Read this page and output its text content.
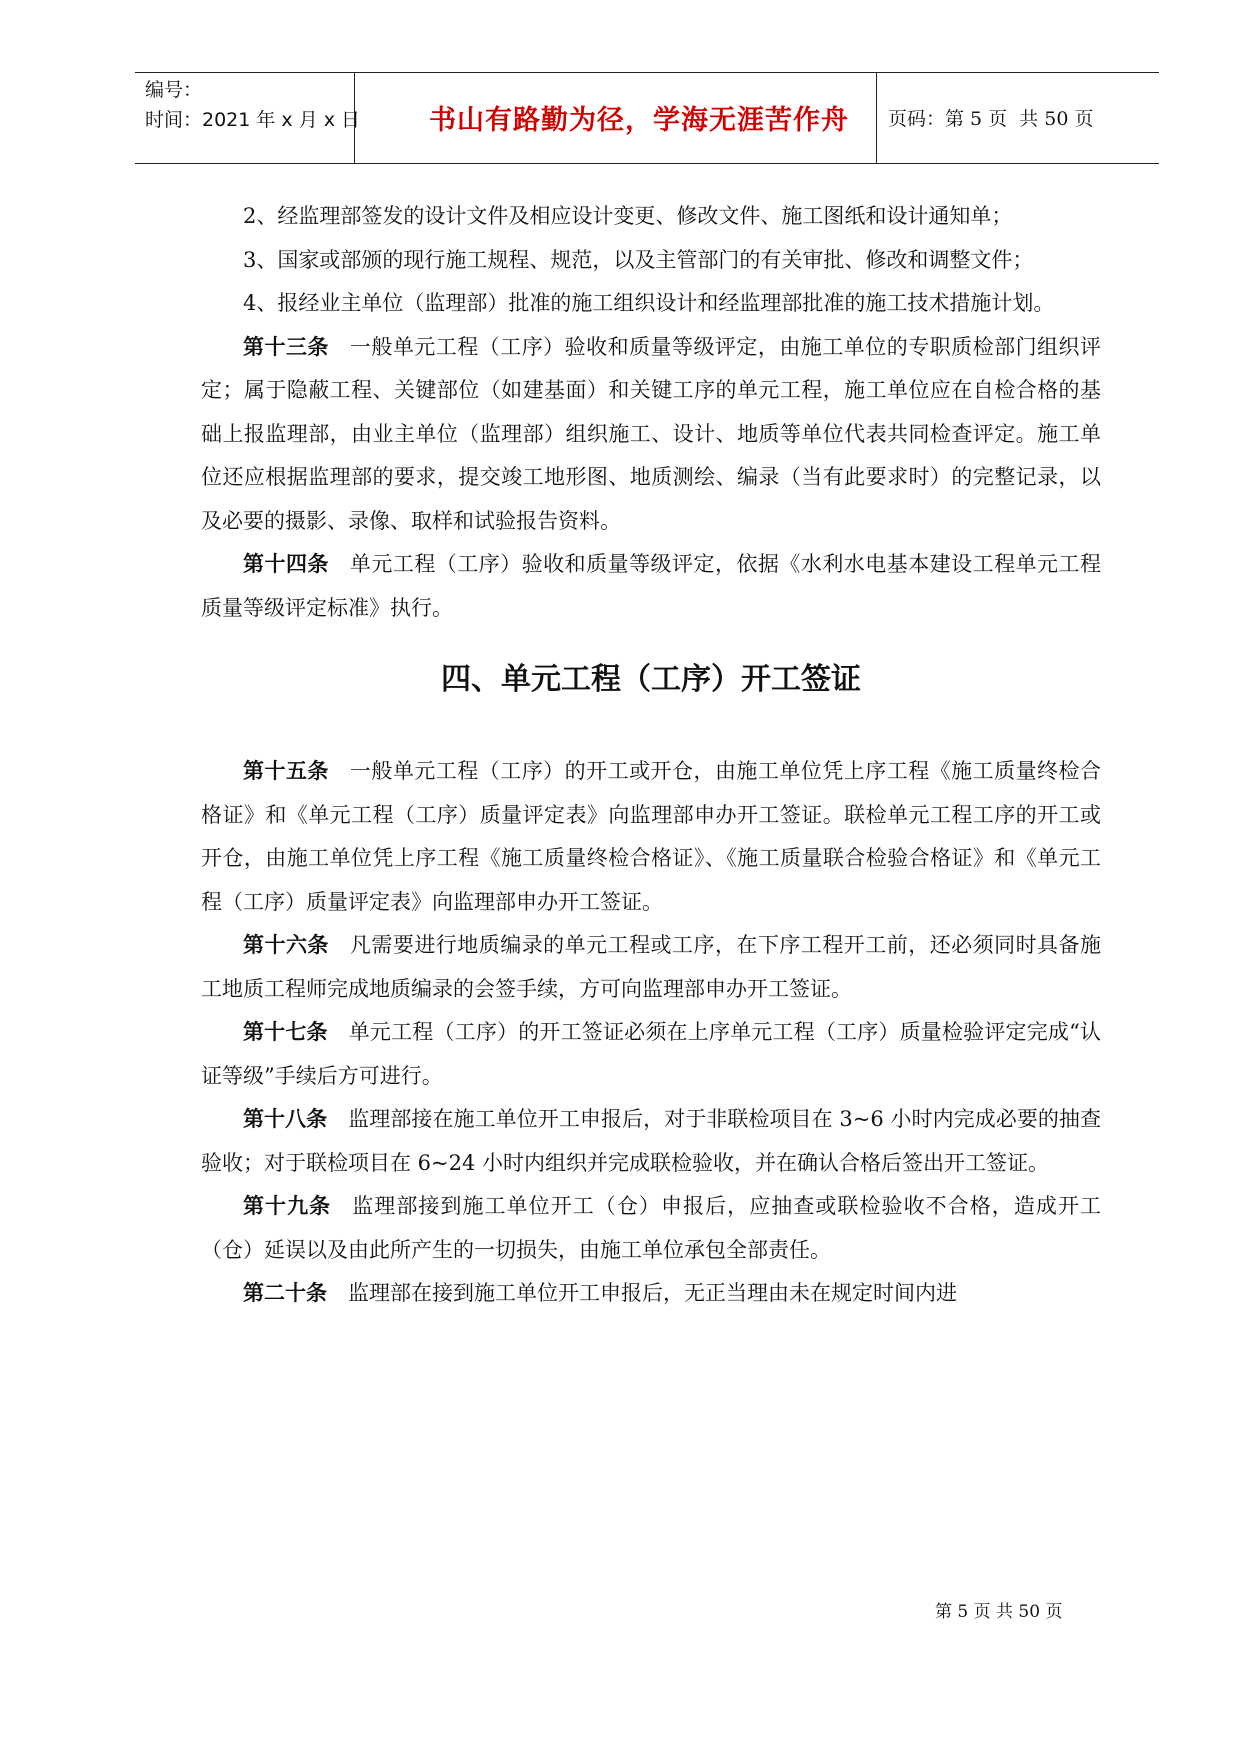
编号：
时间：2021 年 x 月 x 日	书山有路勤为径，学海无涯苦作舟	页码：第 5 页  共 50 页

2、经监理部签发的设计文件及相应设计变更、修改文件、施工图纸和设计通知单；

3、国家或部颁的现行施工规程、规范，以及主管部门的有关审批、修改和调整文件；

4、报经业主单位（监理部）批准的施工组织设计和经监理部批准的施工技术措施计划。

第十三条 一般单元工程（工序）验收和质量等级评定，由施工单位的专职质检部门组织评定；属于隐蔽工程、关键部位（如建基面）和关键工序的单元工程，施工单位应在自检合格的基础上报监理部，由业主单位（监理部）组织施工、设计、地质等单位代表共同检查评定。施工单位还应根据监理部的要求，提交竣工地形图、地质测绘、编录（当有此要求时）的完整记录，以及必要的摄影、录像、取样和试验报告资料。

第十四条 单元工程（工序）验收和质量等级评定，依据《水利水电基本建设工程单元工程质量等级评定标准》执行。

四、单元工程（工序）开工签证

第十五条 一般单元工程（工序）的开工或开仓，由施工单位凭上序工程《施工质量终检合格证》和《单元工程（工序）质量评定表》向监理部申办开工签证。联检单元工程工序的开工或开仓，由施工单位凭上序工程《施工质量终检合格证》、《施工质量联合检验合格证》和《单元工程（工序）质量评定表》向监理部申办开工签证。

第十六条 凡需要进行地质编录的单元工程或工序，在下序工程开工前，还必须同时具备施工地质工程师完成地质编录的会签手续，方可向监理部申办开工签证。

第十七条 单元工程（工序）的开工签证必须在上序单元工程（工序）质量检验评定完成“认证等级”手续后方可进行。

第十八条 监理部接在施工单位开工申报后，对于非联检项目在 3~6 小时内完成必要的抽查验收；对于联检项目在 6~24 小时内组织并完成联检验收，并在确认合格后签出开工签证。

第十九条 监理部接到施工单位开工（仓）申报后，应抽查或联检验收不合格，造成开工（仓）延误以及由此所产生的一切损失，由施工单位承包全部责任。

第二十条 监理部在接到施工单位开工申报后，无正当理由未在规定时间内进

第 5 页 共 50 页
